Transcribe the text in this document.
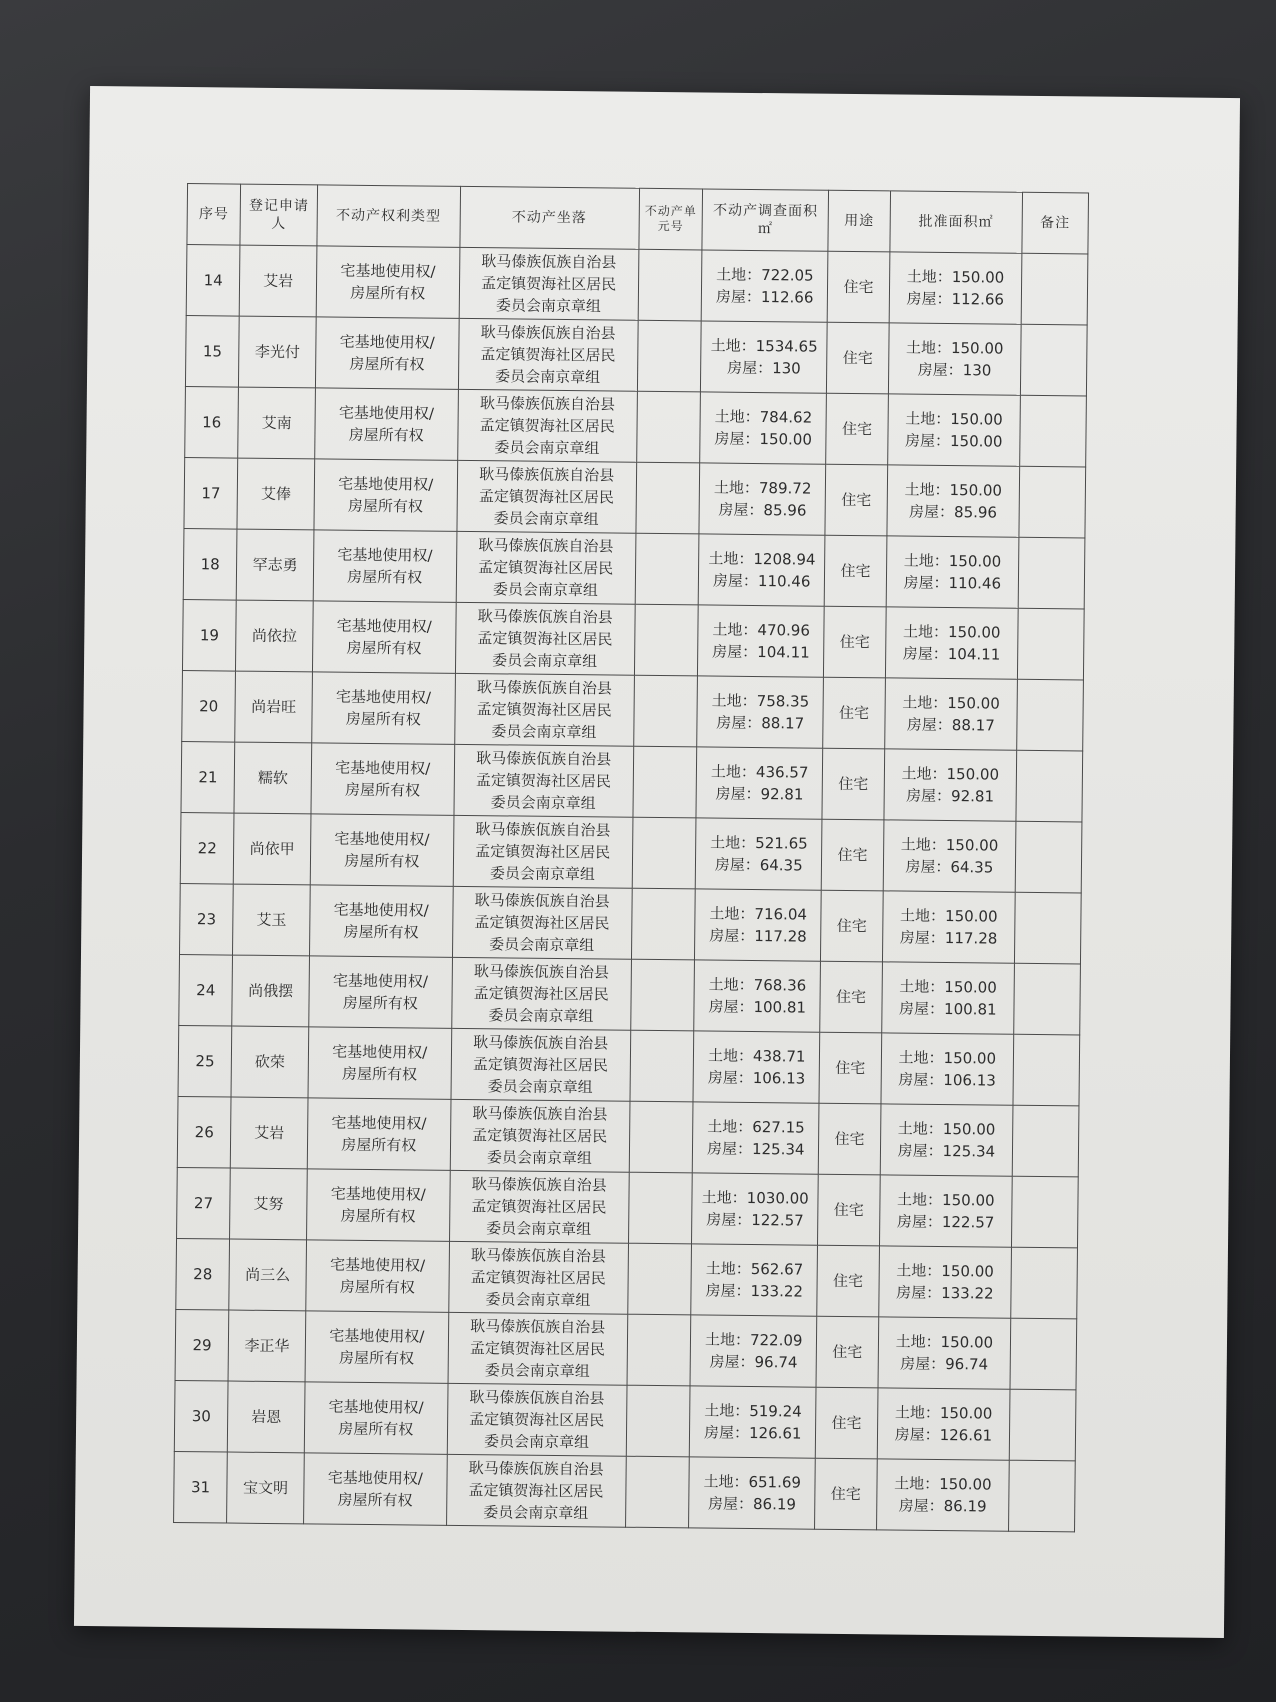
序号	登记申请人	不动产权利类型	不动产坐落	不动产单元号	不动产调查面积㎡	用途	批准面积㎡	备注

14	艾岩	宅基地使用权/
房屋所有权	耿马傣族佤族自治县
孟定镇贺海社区居民
委员会南京章组		土地：722.05
房屋：112.66	住宅	土地：150.00
房屋：112.66	

15	李光付	宅基地使用权/
房屋所有权	耿马傣族佤族自治县
孟定镇贺海社区居民
委员会南京章组		土地：1534.65
房屋：130	住宅	土地：150.00
房屋：130	

16	艾南	宅基地使用权/
房屋所有权	耿马傣族佤族自治县
孟定镇贺海社区居民
委员会南京章组		土地：784.62
房屋：150.00	住宅	土地：150.00
房屋：150.00	

17	艾俸	宅基地使用权/
房屋所有权	耿马傣族佤族自治县
孟定镇贺海社区居民
委员会南京章组		土地：789.72
房屋：85.96	住宅	土地：150.00
房屋：85.96	

18	罕志勇	宅基地使用权/
房屋所有权	耿马傣族佤族自治县
孟定镇贺海社区居民
委员会南京章组		土地：1208.94
房屋：110.46	住宅	土地：150.00
房屋：110.46	

19	尚依拉	宅基地使用权/
房屋所有权	耿马傣族佤族自治县
孟定镇贺海社区居民
委员会南京章组		土地：470.96
房屋：104.11	住宅	土地：150.00
房屋：104.11	

20	尚岩旺	宅基地使用权/
房屋所有权	耿马傣族佤族自治县
孟定镇贺海社区居民
委员会南京章组		土地：758.35
房屋：88.17	住宅	土地：150.00
房屋：88.17	

21	糯软	宅基地使用权/
房屋所有权	耿马傣族佤族自治县
孟定镇贺海社区居民
委员会南京章组		土地：436.57
房屋：92.81	住宅	土地：150.00
房屋：92.81	

22	尚依甲	宅基地使用权/
房屋所有权	耿马傣族佤族自治县
孟定镇贺海社区居民
委员会南京章组		土地：521.65
房屋：64.35	住宅	土地：150.00
房屋：64.35	

23	艾玉	宅基地使用权/
房屋所有权	耿马傣族佤族自治县
孟定镇贺海社区居民
委员会南京章组		土地：716.04
房屋：117.28	住宅	土地：150.00
房屋：117.28	

24	尚俄摆	宅基地使用权/
房屋所有权	耿马傣族佤族自治县
孟定镇贺海社区居民
委员会南京章组		土地：768.36
房屋：100.81	住宅	土地：150.00
房屋：100.81	

25	砍荣	宅基地使用权/
房屋所有权	耿马傣族佤族自治县
孟定镇贺海社区居民
委员会南京章组		土地：438.71
房屋：106.13	住宅	土地：150.00
房屋：106.13	

26	艾岩	宅基地使用权/
房屋所有权	耿马傣族佤族自治县
孟定镇贺海社区居民
委员会南京章组		土地：627.15
房屋：125.34	住宅	土地：150.00
房屋：125.34	

27	艾努	宅基地使用权/
房屋所有权	耿马傣族佤族自治县
孟定镇贺海社区居民
委员会南京章组		土地：1030.00
房屋：122.57	住宅	土地：150.00
房屋：122.57	

28	尚三么	宅基地使用权/
房屋所有权	耿马傣族佤族自治县
孟定镇贺海社区居民
委员会南京章组		土地：562.67
房屋：133.22	住宅	土地：150.00
房屋：133.22	

29	李正华	宅基地使用权/
房屋所有权	耿马傣族佤族自治县
孟定镇贺海社区居民
委员会南京章组		土地：722.09
房屋：96.74	住宅	土地：150.00
房屋：96.74	

30	岩恩	宅基地使用权/
房屋所有权	耿马傣族佤族自治县
孟定镇贺海社区居民
委员会南京章组		土地：519.24
房屋：126.61	住宅	土地：150.00
房屋：126.61	

31	宝文明	宅基地使用权/
房屋所有权	耿马傣族佤族自治县
孟定镇贺海社区居民
委员会南京章组		土地：651.69
房屋：86.19	住宅	土地：150.00
房屋：86.19	
